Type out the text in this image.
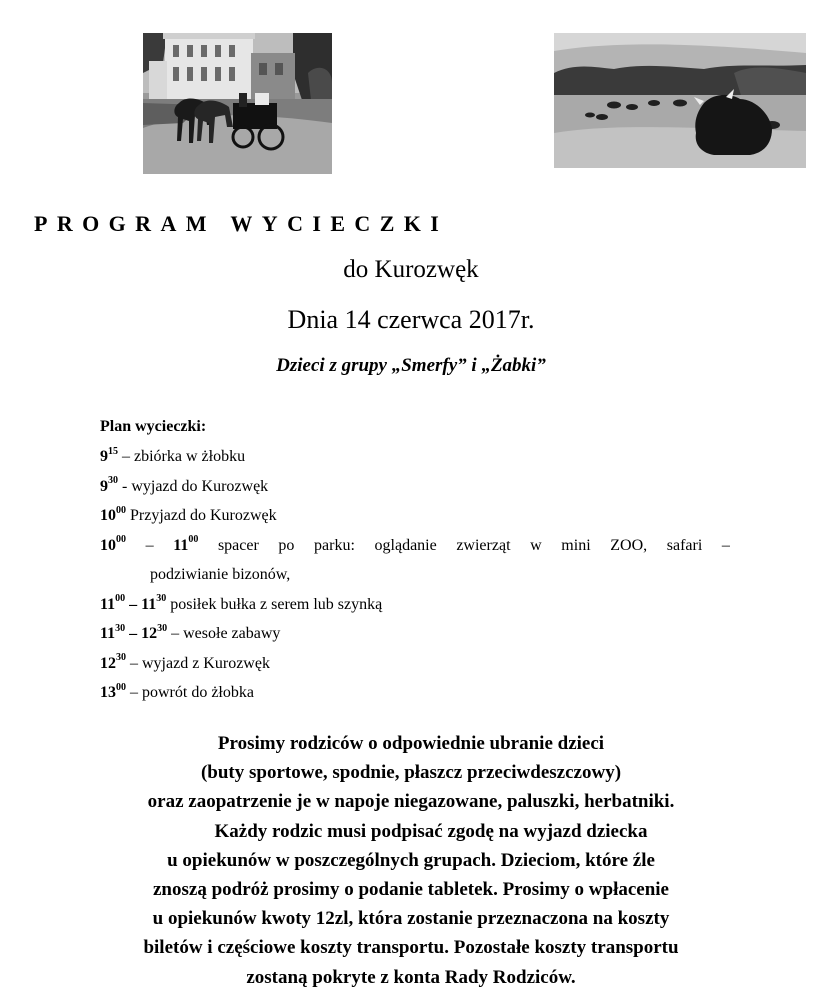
PROGRAM WYCIECZKI
do Kurozwęk
Dnia 14 czerwca 2017r.
Dzieci z grupy „Smerfy” i „Żabki”
Plan wycieczki:
$9^{15}$ – zbiórka w żłobku
$9^{30}$ - wyjazd do Kurozwęk
$10^{00}$ Przyjazd do Kurozwęk
$10^{00} - 11^{00}$ spacer po parku: oglądanie zwierząt w mini ZOO, safari –
podziwianie bizonów,
$11^{00} - 11^{30}$ posiłek bułka z serem lub szynką
$11^{30} - 12^{30}$ – wesołe zabawy
$12^{30}$ – wyjazd z Kurozwęk
$13^{00}$ – powrót do żłobka
Prosimy rodziców o odpowiednie ubranie dzieci
(buty sportowe, spodnie, płaszcz przeciwdeszczowy)
oraz zaopatrzenie je w napoje niegazowane, paluszki, herbatniki.
Każdy rodzic musi podpisać zgodę na wyjazd dziecka
u opiekunów w poszczególnych grupach. Dzieciom, które źle
znoszą podróż prosimy o podanie tabletek. Prosimy o wpłacenie
u opiekunów kwoty 12zl, która zostanie przeznaczona na koszty
biletów i częściowe koszty transportu. Pozostałe koszty transportu
zostaną pokryte z konta Rady Rodziców.
